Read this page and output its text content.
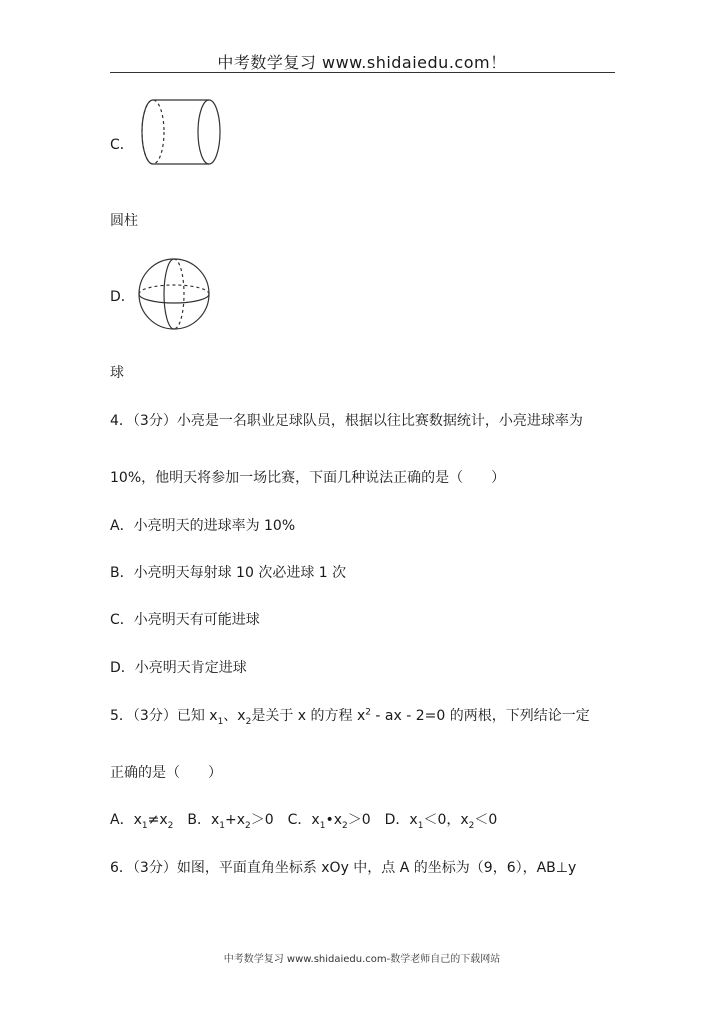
中考数学复习 www.shidaiedu.com！
C．
圆柱
D．
球
4．（3分）小亮是一名职业足球队员，根据以往比赛数据统计，小亮进球率为
10%，他明天将参加一场比赛，下面几种说法正确的是（　　）
A．小亮明天的进球率为 10%
B．小亮明天每射球 10 次必进球 1 次
C．小亮明天有可能进球
D．小亮明天肯定进球
5．（3分）已知 $x_1$、$x_2$是关于 x 的方程 $x^2$ - ax - 2=0 的两根，下列结论一定
正确的是（　　）
A．$x_1\ne x_2$　B．$x_1+x_2>0$　C．$x_1•x_2>0$　D．$x_1<0$，$x_2<0$
6．（3分）如图，平面直角坐标系 xOy 中，点 A 的坐标为（9，6），AB⊥y
中考数学复习 www.shidaiedu.com-数学老师自己的下载网站
